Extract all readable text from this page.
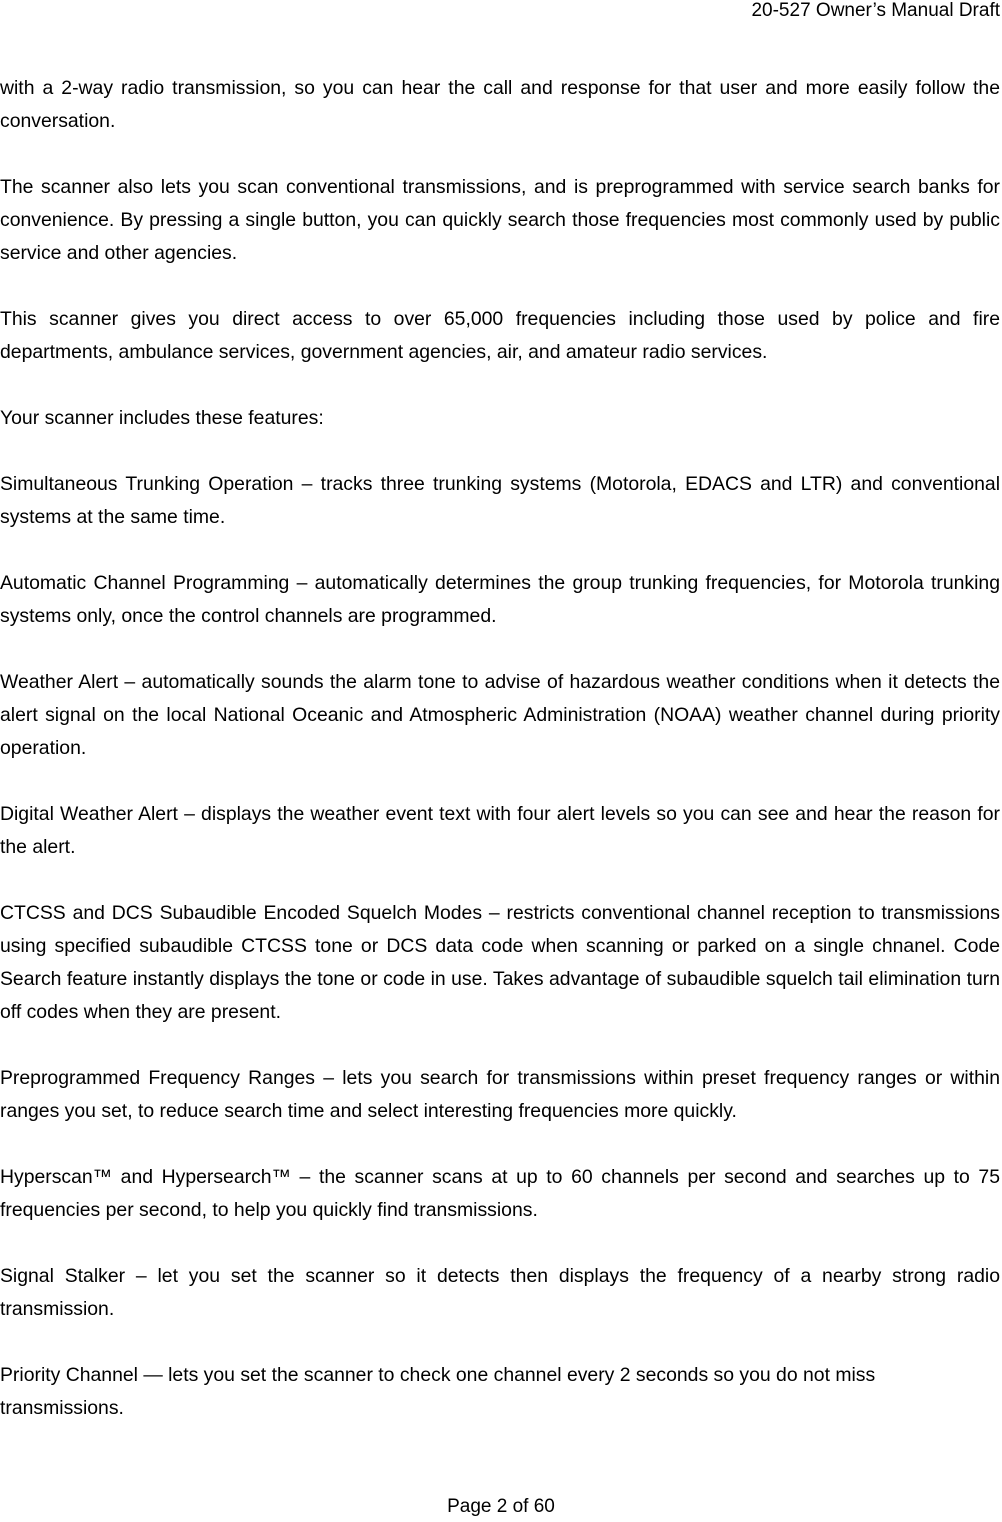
20-527 Owner’s Manual Draft

with a 2-way radio transmission, so you can hear the call and response for that user and more easily follow the conversation.

The scanner also lets you scan conventional transmissions, and is preprogrammed with service search banks for convenience. By pressing a single button, you can quickly search those frequencies most commonly used by public service and other agencies.

This scanner gives you direct access to over 65,000 frequencies including those used by police and fire departments, ambulance services, government agencies, air, and amateur radio services.

Your scanner includes these features:

Simultaneous Trunking Operation – tracks three trunking systems (Motorola, EDACS and LTR) and conventional systems at the same time.

Automatic Channel Programming – automatically determines the group trunking frequencies, for Motorola trunking systems only, once the control channels are programmed.

Weather Alert – automatically sounds the alarm tone to advise of hazardous weather conditions when it detects the alert signal on the local National Oceanic and Atmospheric Administration (NOAA) weather channel during priority operation.

Digital Weather Alert – displays the weather event text with four alert levels so you can see and hear the reason for the alert.

CTCSS and DCS Subaudible Encoded Squelch Modes – restricts conventional channel reception to transmissions using specified subaudible CTCSS tone or DCS data code when scanning or parked on a single chnanel. Code Search feature instantly displays the tone or code in use. Takes advantage of subaudible squelch tail elimination turn off codes when they are present.

Preprogrammed Frequency Ranges – lets you search for transmissions within preset frequency ranges or within ranges you set, to reduce search time and select interesting frequencies more quickly.

Hyperscan™ and Hypersearch™ – the scanner scans at up to 60 channels per second and searches up to 75 frequencies per second, to help you quickly find transmissions.

Signal Stalker – let you set the scanner so it detects then displays the frequency of a nearby strong radio transmission.

Priority Channel — lets you set the scanner to check one channel every 2 seconds so you do not miss transmissions.

Page 2 of 60
